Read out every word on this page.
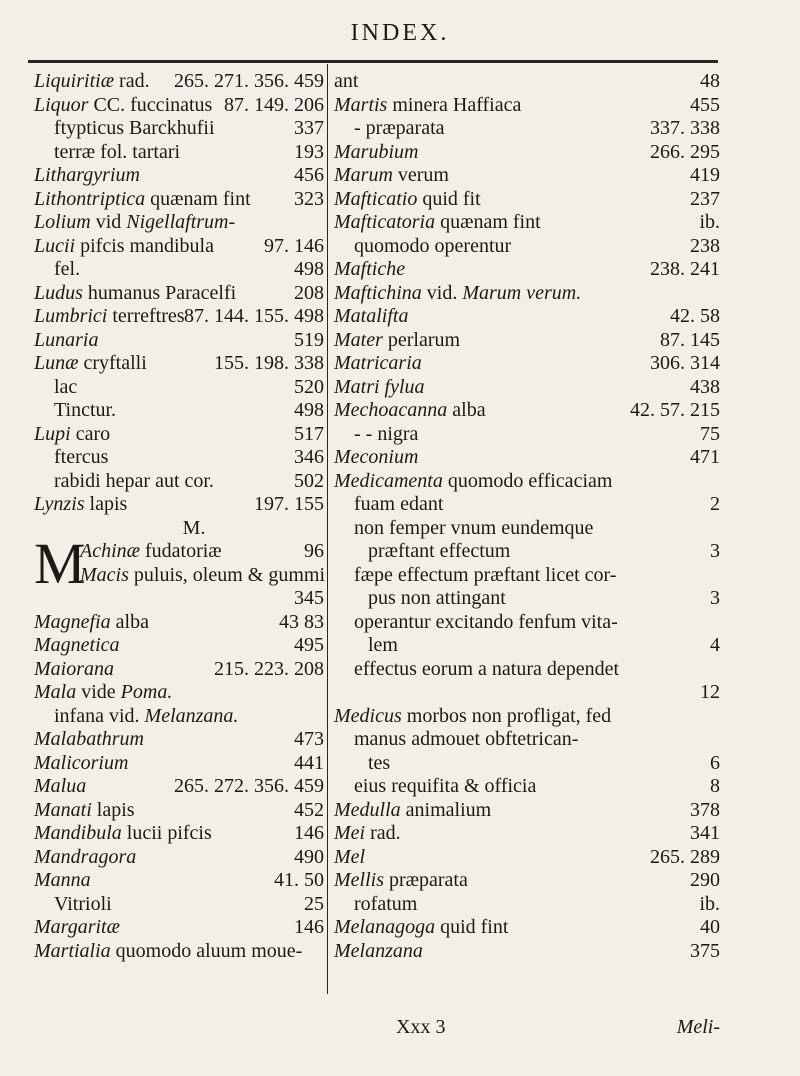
INDEX.
Liquiritiæ rad. 265. 271. 356. 459
Liquor CC. fuccinatus 87. 149. 206
ftypticus Barckhufii	337
terræ fol. tartari	193
Lithargyrium	456
Lithontriptica quænam fint 323
Lolium vid Nigellaftrum-
Lucii pifcis mandibula	97. 146
fel.	498
Ludus humanus Paracelfi	208
Lumbrici terreftres 87. 144. 155. 498
Lunaria	519
Lunæ cryftalli	155. 198. 338
lac	520
Tinctur.	498
Lupi caro	517
ftercus	346
rabidi hepar aut cor.	502
Lynzis lapis	197. 155
M.
M
Achinæ fudatoriæ	96
Macis puluis, oleum & gummi
345
Magnefia alba	43 83
Magnetica	495
Maiorana	215. 223. 208
Mala vide Poma.
infana vid. Melanzana.
Malabathrum	473
Malicorium	441
Malua	265. 272. 356. 459
Manati lapis	452
Mandibula lucii pifcis	146
Mandragora	490
Manna	41. 50
Vitrioli	25
Margaritæ	146
Martialia quomodo aluum moue-
ant	48
Martis minera Haffiaca	455
- præparata	337. 338
Marubium	266. 295
Marum verum	419
Mafticatio quid fit	237
Mafticatoria quænam fint	ib.
quomodo operentur	238
Maftiche	238. 241
Maftichina vid. Marum verum.
Matalifta	42. 58
Mater perlarum	87. 145
Matricaria	306. 314
Matri fylua	438
Mechoacanna alba	42. 57. 215
- - nigra	75
Meconium	471
Medicamenta quomodo efficaciam
fuam edant	2
non femper vnum eundemque
præftant effectum	3
fæpe effectum præftant licet cor-
pus non attingant	3
operantur excitando fenfum vita-
lem	4
effectus eorum a natura dependet
12
Medicus morbos non profligat, fed
manus admouet obftetrican-
tes	6
eius requifita & officia	8
Medulla animalium	378
Mei rad.	341
Mel	265. 289
Mellis præparata	290
rofatum	ib.
Melanagoga quid fint	40
Melanzana	375
Xxx 3	Meli-
